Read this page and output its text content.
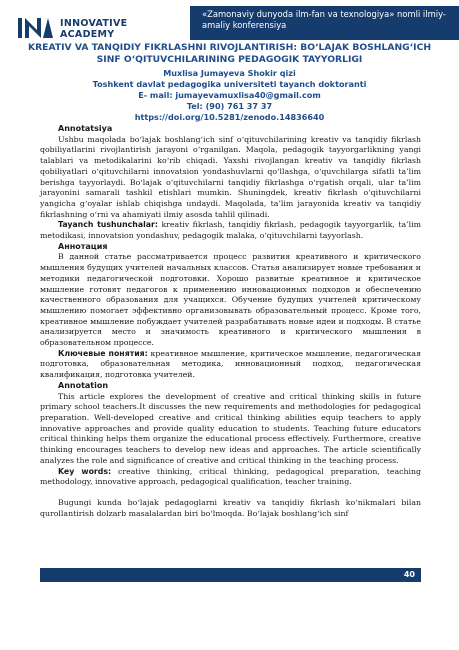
INNOVATIVE
ACADEMY
«Zamonaviy dunyoda ilm-fan va texnologiya» nomli ilmiy-amaliy konferensiya
KREATIV VA TANQIDIY FIKRLASHNI RIVOJLANTIRISH: BO‘LAJAK BOSHLANG‘ICH SINF O‘QITUVCHILARINING PEDAGOGIK TAYYORLIGI
Muxlisa Jumayeva Shokir qizi
Toshkent davlat pedagogika universiteti tayanch doktoranti
E- mail: jumayevamuxlisa40@gmail.com
Tel: (90) 761 37 37
https://doi.org/10.5281/zenodo.14836640
Annotatsiya
Ushbu maqolada bo‘lajak boshlang‘ich sinf o‘qituvchilarining kreativ va tanqidiy fikrlash qobiliyatlarini rivojlantirish jarayoni o‘rganilgan. Maqola, pedagogik tayyorgarlikning yangi talablari va metodikalarini ko‘rib chiqadi. Yaxshi rivojlangan kreativ va tanqidiy fikrlash qobiliyatlari o‘qituvchilarni innovatsion yondashuvlarni qo‘llashga, o‘quvchilarga sifatli ta’lim berishga tayyorlaydi. Bo‘lajak o‘qituvchilarni tanqidiy fikrlashga o‘rgatish orqali, ular ta’lim jarayonini samarali tashkil etishlari mumkin. Shuningdek, kreativ fikrlash o‘qituvchilarni yangicha g‘oyalar ishlab chiqishga undaydi. Maqolada, ta’lim jarayonida kreativ va tanqidiy fikrlashning o‘rni va ahamiyati ilmiy asosda tahlil qilinadi.
Tayanch tushunchalar: kreativ fikrlash, tanqidiy fikrlash, pedagogik tayyorgarlik, ta’lim metodikasi, innovatsion yondashuv, pedagogik malaka, o‘qituvchilarni tayyorlash.
Аннотация
В данной статье рассматривается процесс развития креативного и критического мышления будущих учителей начальных классов. Статья анализирует новые требования и методики педагогической подготовки. Хорошо развитые креативное и критическое мышление готовят педагогов к применению инновационных подходов и обеспечению качественного образования для учащихся. Обучение будущих учителей критическому мышлению помогает эффективно организовывать образовательный процесс. Кроме того, креативное мышление побуждает учителей разрабатывать новые идеи и подходы. В статье анализируется место и значимость креативного и критического мышления в образовательном процессе.
Ключевые понятия: креативное мышление, критическое мышление, педагогическая подготовка, образовательная методика, инновационный подход, педагогическая квалификация, подготовка учителей.
Annotation
This article explores the development of creative and critical thinking skills in future primary school teachers.It discusses the new requirements and methodologies for pedagogical preparation. Well-developed creative and critical thinking abilities equip teachers to apply innovative approaches and provide quality education to students. Teaching future educators critical thinking helps them organize the educational process effectively. Furthermore, creative thinking encourages teachers to develop new ideas and approaches. The article scientifically analyzes the role and significance of creative and critical thinking in the teaching process.
Key words: creative thinking, critical thinking, pedagogical preparation, teaching methodology, innovative approach, pedagogical qualification, teacher training.
Bugungi kunda bo‘lajak pedagoglarni kreativ va tanqidiy fikrlash ko‘nikmalari bilan qurollantirish dolzarb masalalardan biri bo‘lmoqda. Bo‘lajak boshlang‘ich sinf
40
